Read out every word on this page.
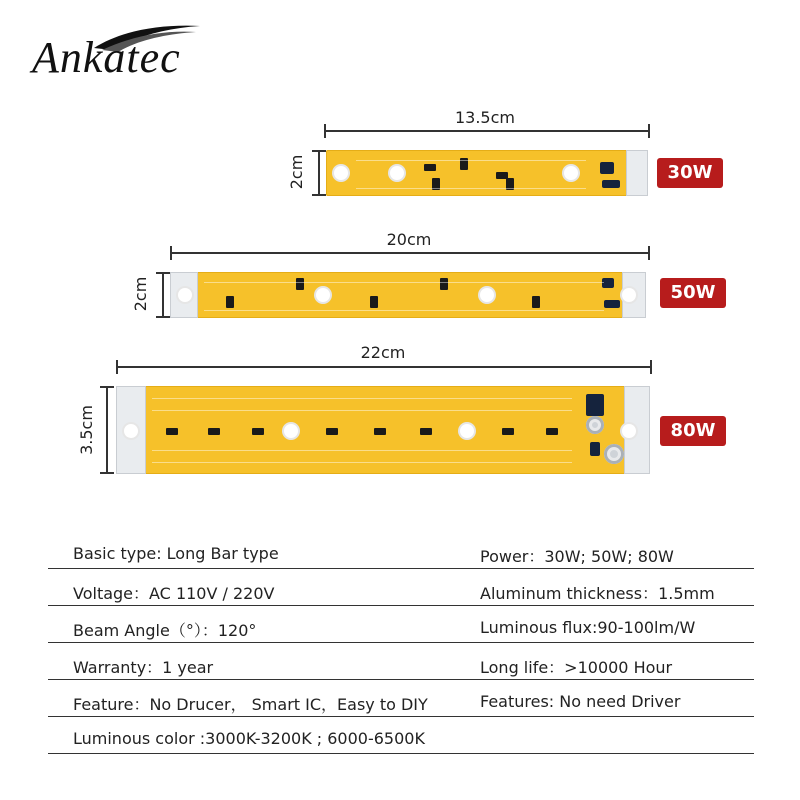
Ankatec
13.5cm
2cm	30W
20cm
2cm	50W
22cm
3.5cm	80W
Basic type: Long Bar type	Power：30W; 50W; 80W
Voltage：AC 110V / 220V	Aluminum thickness：1.5mm
Beam Angle（°）：120°	Luminous flux:90-100lm/W
Warranty：1 year	Long life：>10000 Hour
Feature：No Drucer， Smart IC，Easy to DIY	Features: No need Driver
Luminous color :3000K-3200K ; 6000-6500K
